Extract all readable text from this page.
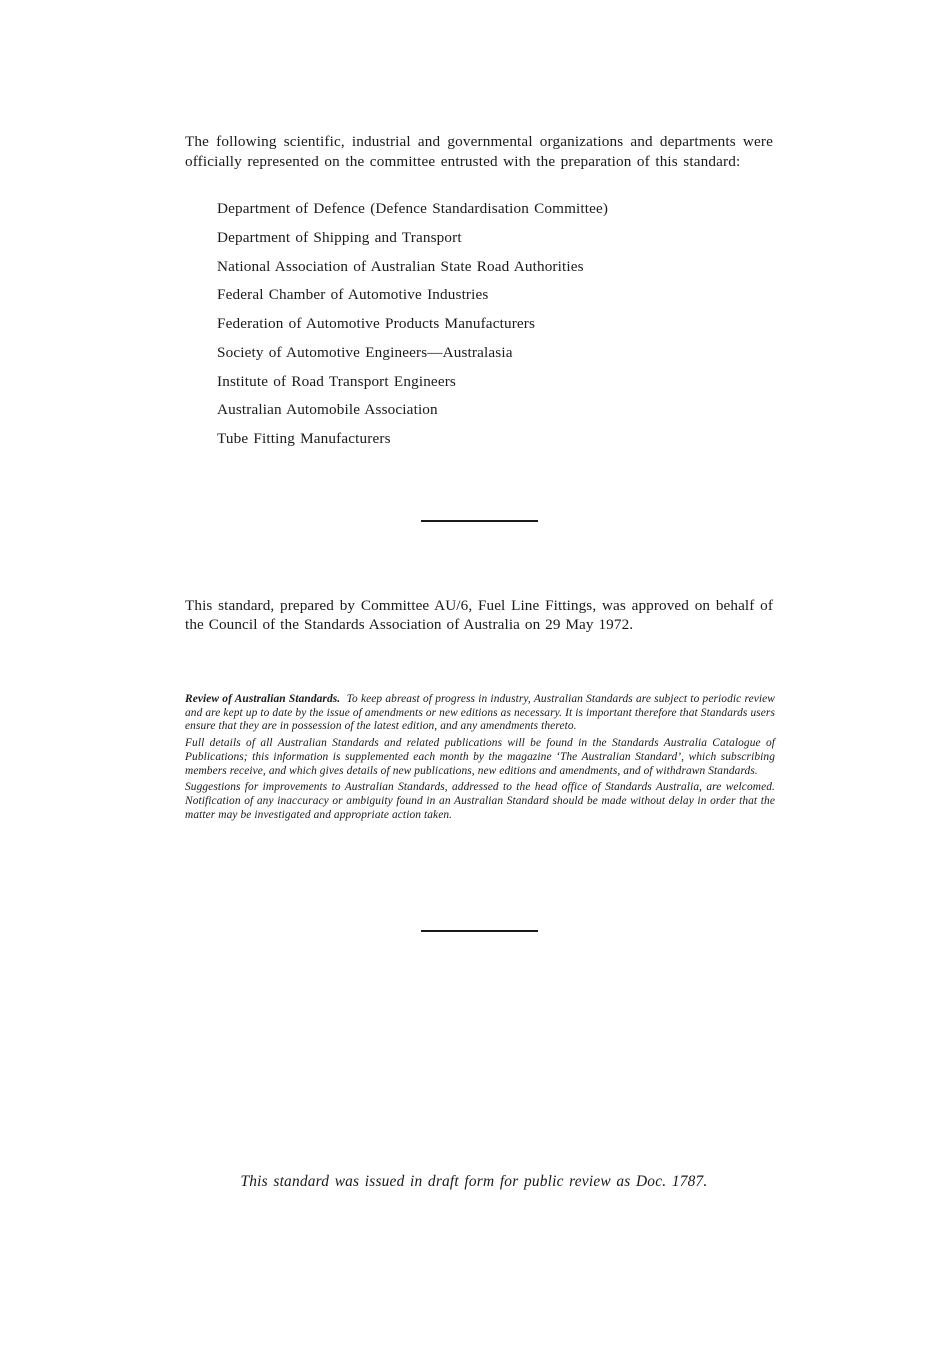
The following scientific, industrial and governmental organizations and departments were officially represented on the committee entrusted with the preparation of this standard:

Department of Defence (Defence Standardisation Committee)
Department of Shipping and Transport
National Association of Australian State Road Authorities
Federal Chamber of Automotive Industries
Federation of Automotive Products Manufacturers
Society of Automotive Engineers—Australasia
Institute of Road Transport Engineers
Australian Automobile Association
Tube Fitting Manufacturers

This standard, prepared by Committee AU/6, Fuel Line Fittings, was approved on behalf of the Council of the Standards Association of Australia on 29 May 1972.

Review of Australian Standards. To keep abreast of progress in industry, Australian Standards are subject to periodic review and are kept up to date by the issue of amendments or new editions as necessary. It is important therefore that Standards users ensure that they are in possession of the latest edition, and any amendments thereto.

Full details of all Australian Standards and related publications will be found in the Standards Australia Catalogue of Publications; this information is supplemented each month by the magazine ‘The Australian Standard’, which subscribing members receive, and which gives details of new publications, new editions and amendments, and of withdrawn Standards.

Suggestions for improvements to Australian Standards, addressed to the head office of Standards Australia, are welcomed. Notification of any inaccuracy or ambiguity found in an Australian Standard should be made without delay in order that the matter may be investigated and appropriate action taken.

This standard was issued in draft form for public review as Doc. 1787.
